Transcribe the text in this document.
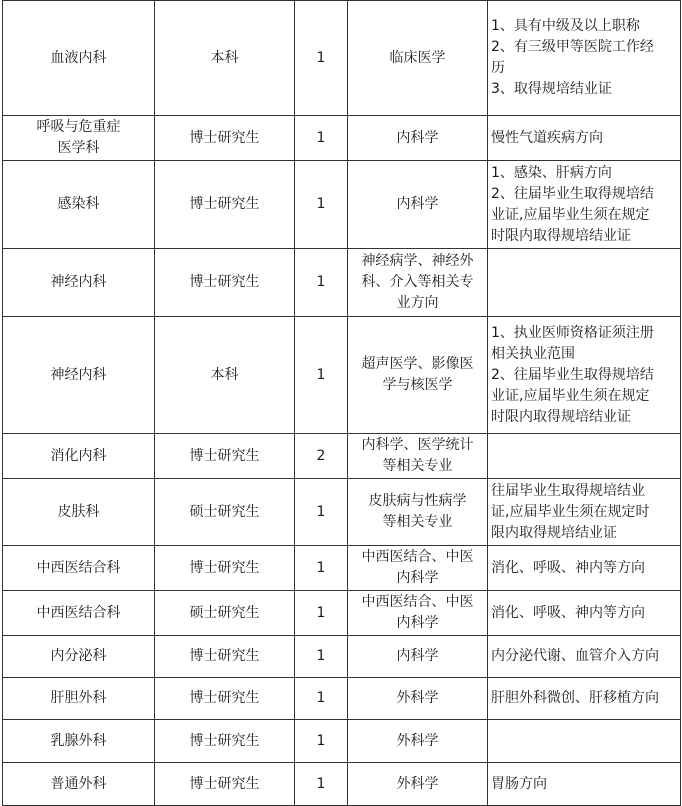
血液内科	本科	1	临床医学	1、具有中级及以上职称
2、有三级甲等医院工作经
历
3、取得规培结业证

呼吸与危重症
医学科	博士研究生	1	内科学	慢性气道疾病方向

感染科	博士研究生	1	内科学	1、感染、肝病方向
2、往届毕业生取得规培结
业证,应届毕业生须在规定
时限内取得规培结业证

神经内科	博士研究生	1	神经病学、神经外
科、介入等相关专
业方向	

神经内科	本科	1	超声医学、影像医
学与核医学	1、执业医师资格证须注册
相关执业范围
2、往届毕业生取得规培结
业证,应届毕业生须在规定
时限内取得规培结业证

消化内科	博士研究生	2	内科学、医学统计
等相关专业	

皮肤科	硕士研究生	1	皮肤病与性病学
等相关专业	往届毕业生取得规培结业
证,应届毕业生须在规定时
限内取得规培结业证

中西医结合科	博士研究生	1	中西医结合、中医
内科学	消化、呼吸、神内等方向

中西医结合科	硕士研究生	1	中西医结合、中医
内科学	消化、呼吸、神内等方向

内分泌科	博士研究生	1	内科学	内分泌代谢、血管介入方向

肝胆外科	博士研究生	1	外科学	肝胆外科微创、肝移植方向

乳腺外科	博士研究生	1	外科学	

普通外科	博士研究生	1	外科学	胃肠方向
